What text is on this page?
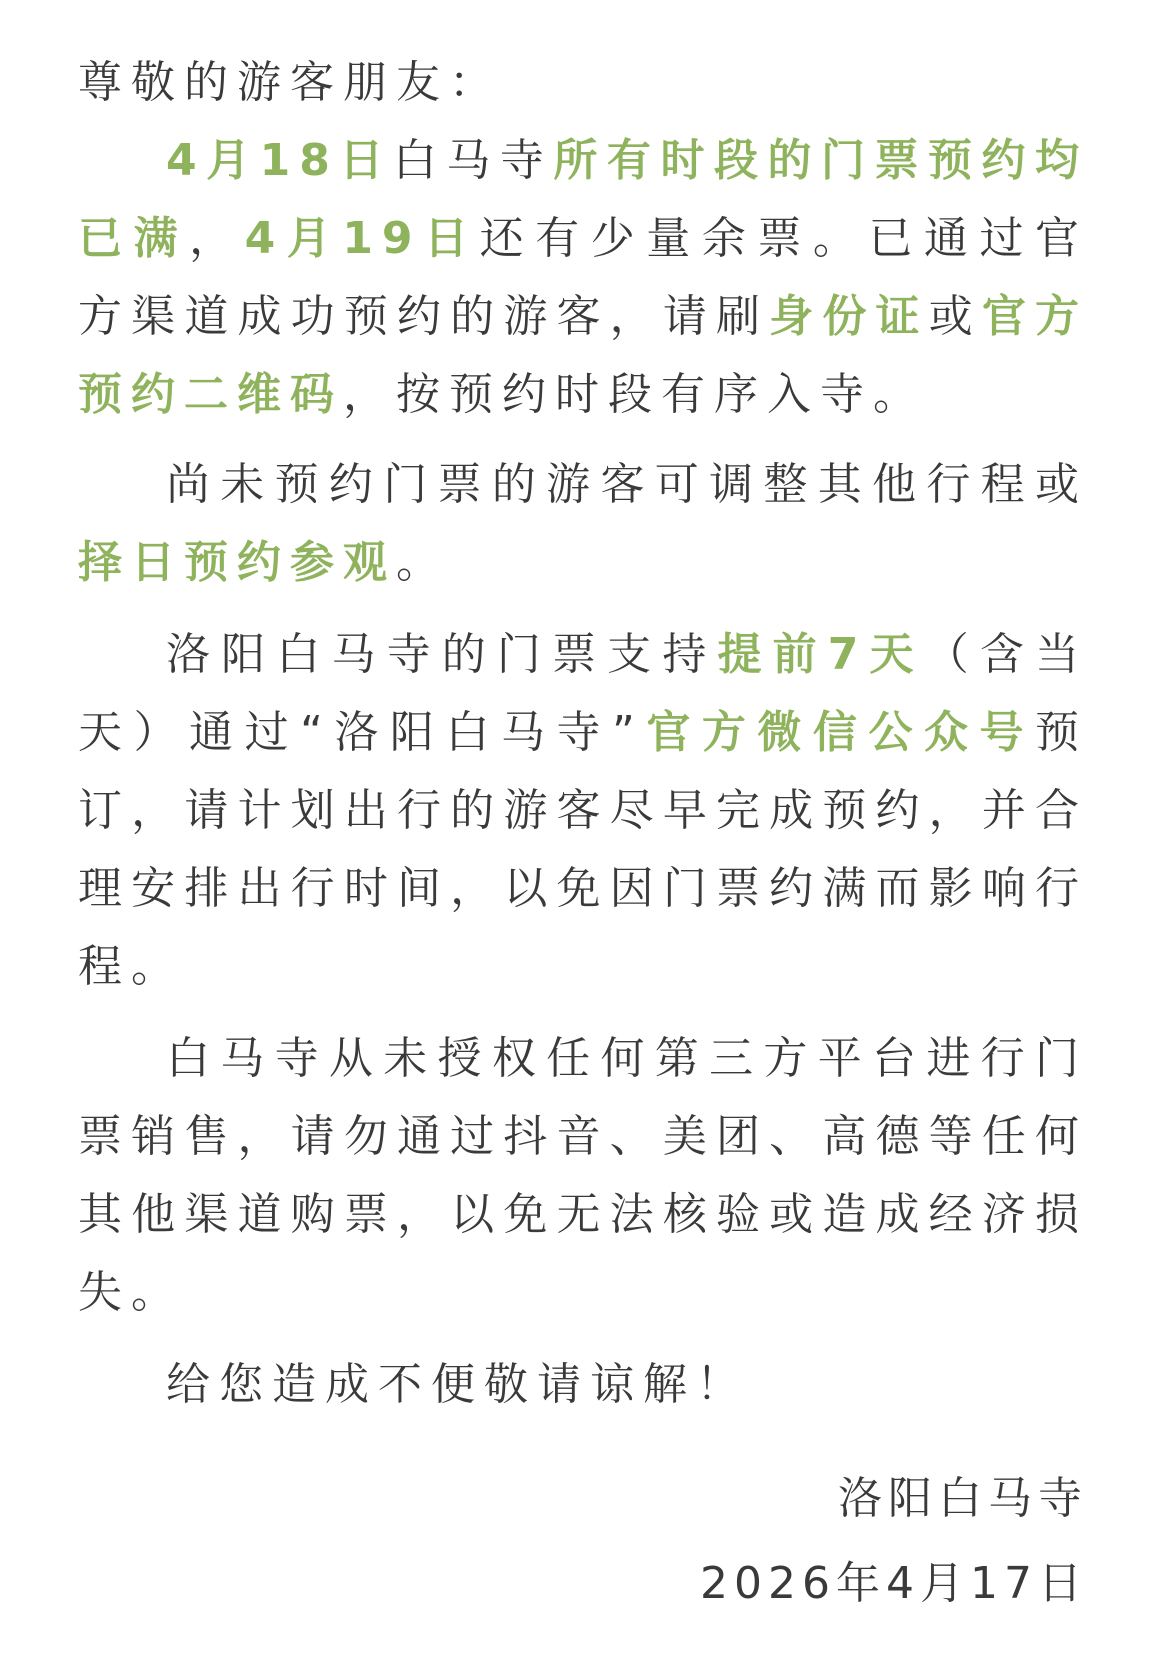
尊敬的游客朋友：

4月18日白马寺所有时段的门票预约均已满，4月19日还有少量余票。已通过官方渠道成功预约的游客，请刷身份证或官方预约二维码，按预约时段有序入寺。

尚未预约门票的游客可调整其他行程或择日预约参观。

洛阳白马寺的门票支持提前7天（含当天）通过“洛阳白马寺”官方微信公众号预订，请计划出行的游客尽早完成预约，并合理安排出行时间，以免因门票约满而影响行程。

白马寺从未授权任何第三方平台进行门票销售，请勿通过抖音、美团、高德等任何其他渠道购票，以免无法核验或造成经济损失。

给您造成不便敬请谅解！

洛阳白马寺
2026年4月17日
